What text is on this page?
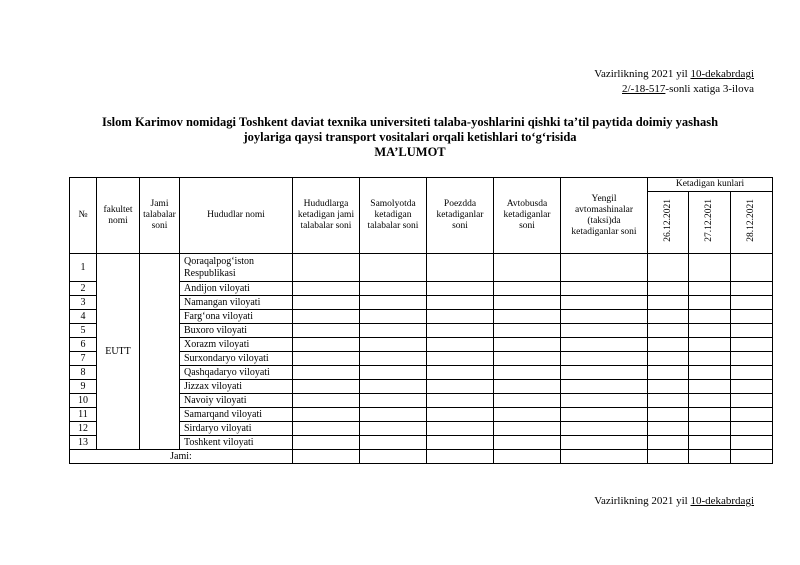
Vazirlikning 2021 yil 10-dekabrdagi
2/-18-517-sonli xatiga 3-ilova
Islom Karimov nomidagi Toshkent daviat texnika universiteti talaba-yoshlarini qishki ta’til paytida doimiy yashash
joylariga qaysi transport vositalari orqali ketishlari to‘g‘risida
MA’LUMOT
№	fakultet nomi	Jami talabalar soni	Hududlar nomi	Hududlarga ketadigan jami talabalar soni	Samolyotda ketadigan talabalar soni	Poezdda ketadiganlar soni	Avtobusda ketadiganlar soni	Yengil avtomashinalar (taksi)da ketadiganlar soni	Ketadigan kunlari		
									26.12.2021	27.12.2021	28.12.2021
1	EUTT		Qoraqalpog‘iston
Respublikasi								

2			Andijon viloyati								
3			Namangan viloyati								
4			Farg‘ona viloyati								
5			Buxoro viloyati								
6			Xorazm viloyati								
7			Surxondaryo viloyati								
8			Qashqadaryo viloyati								
9			Jizzax viloyati								
10			Navoiy viloyati								
11			Samarqand viloyati								
12			Sirdaryo viloyati								
13			Toshkent viloyati								
Jami:											
Vazirlikning 2021 yil 10-dekabrdagi
